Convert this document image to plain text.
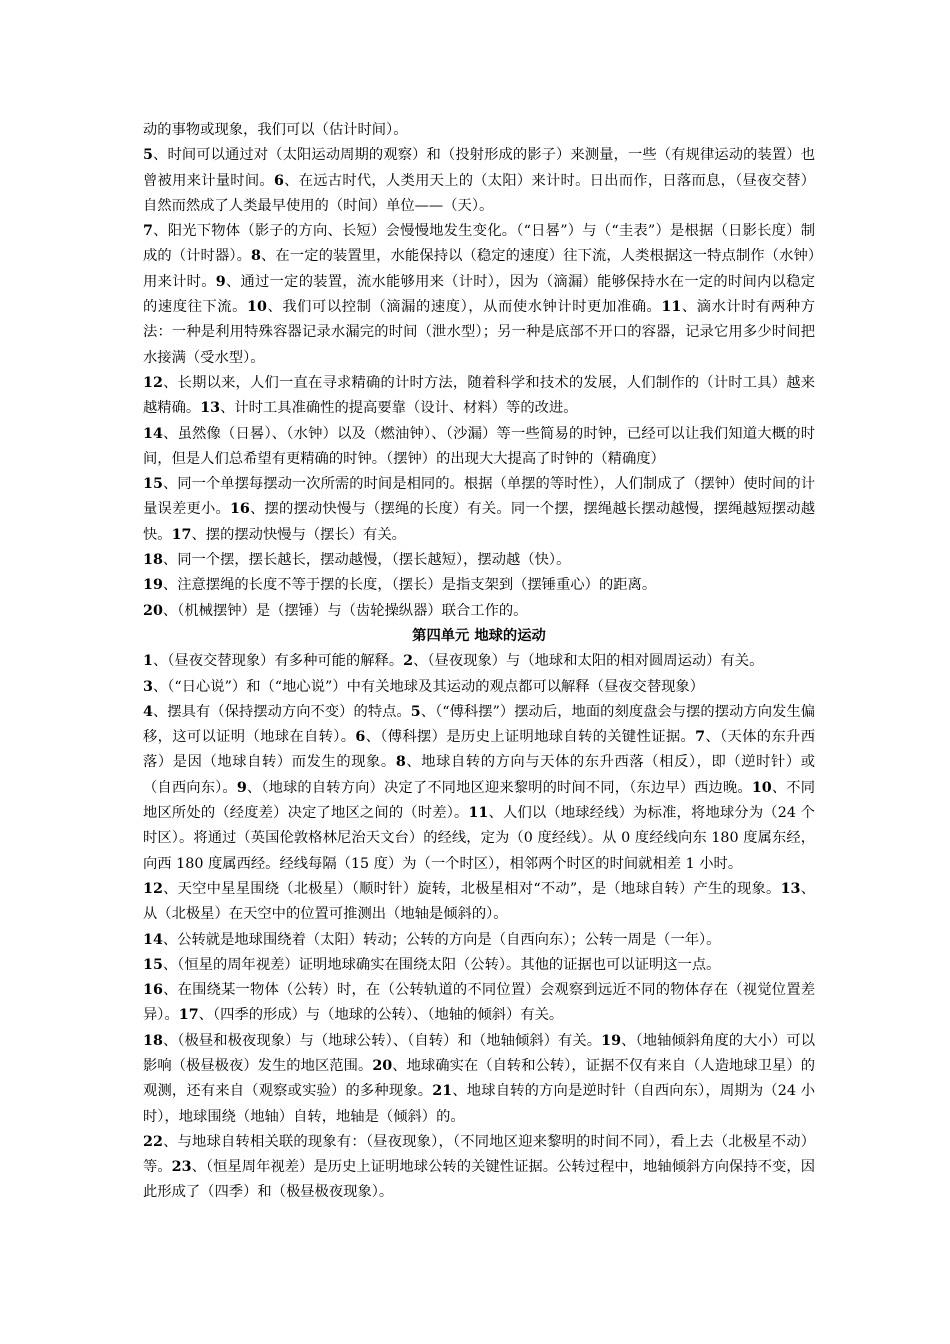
动的事物或现象，我们可以（估计时间）。

5、时间可以通过对（太阳运动周期的观察）和（投射形成的影子）来测量，一些（有规律运动的装置）也曾被用来计量时间。6、在远古时代，人类用天上的（太阳）来计时。日出而作，日落而息，（昼夜交替）自然而然成了人类最早使用的（时间）单位——（天）。

7、阳光下物体（影子的方向、长短）会慢慢地发生变化。（“日晷”）与（“圭表”）是根据（日影长度）制成的（计时器）。8、在一定的装置里，水能保持以（稳定的速度）往下流，人类根据这一特点制作（水钟）用来计时。9、通过一定的装置，流水能够用来（计时），因为（滴漏）能够保持水在一定的时间内以稳定的速度往下流。10、我们可以控制（滴漏的速度），从而使水钟计时更加准确。11、滴水计时有两种方法：一种是利用特殊容器记录水漏完的时间（泄水型）；另一种是底部不开口的容器，记录它用多少时间把水接满（受水型）。

12、长期以来，人们一直在寻求精确的计时方法，随着科学和技术的发展，人们制作的（计时工具）越来越精确。13、计时工具准确性的提高要靠（设计、材料）等的改进。

14、虽然像（日晷）、（水钟）以及（燃油钟）、（沙漏）等一些简易的时钟，已经可以让我们知道大概的时间，但是人们总希望有更精确的时钟。（摆钟）的出现大大提高了时钟的（精确度）

15、同一个单摆每摆动一次所需的时间是相同的。根据（单摆的等时性），人们制成了（摆钟）使时间的计量误差更小。16、摆的摆动快慢与（摆绳的长度）有关。同一个摆，摆绳越长摆动越慢，摆绳越短摆动越快。17、摆的摆动快慢与（摆长）有关。

18、同一个摆，摆长越长，摆动越慢，（摆长越短），摆动越（快）。

19、注意摆绳的长度不等于摆的长度，（摆长）是指支架到（摆锤重心）的距离。

20、（机械摆钟）是（摆锤）与（齿轮操纵器）联合工作的。

第四单元 地球的运动

1、（昼夜交替现象）有多种可能的解释。2、（昼夜现象）与（地球和太阳的相对圆周运动）有关。

3、（“日心说”）和（“地心说”）中有关地球及其运动的观点都可以解释（昼夜交替现象）

4、摆具有（保持摆动方向不变）的特点。5、（“傅科摆”）摆动后，地面的刻度盘会与摆的摆动方向发生偏移，这可以证明（地球在自转）。6、（傅科摆）是历史上证明地球自转的关键性证据。7、（天体的东升西落）是因（地球自转）而发生的现象。8、地球自转的方向与天体的东升西落（相反），即（逆时针）或（自西向东）。9、（地球的自转方向）决定了不同地区迎来黎明的时间不同，（东边早）西边晚。10、不同地区所处的（经度差）决定了地区之间的（时差）。11、人们以（地球经线）为标准，将地球分为（24 个时区）。将通过（英国伦敦格林尼治天文台）的经线，定为（0 度经线）。从 0 度经线向东 180 度属东经，向西 180 度属西经。经线每隔（15 度）为（一个时区），相邻两个时区的时间就相差 1 小时。

12、天空中星星围绕（北极星）（顺时针）旋转，北极星相对“不动”，是（地球自转）产生的现象。13、从（北极星）在天空中的位置可推测出（地轴是倾斜的）。

14、公转就是地球围绕着（太阳）转动；公转的方向是（自西向东）；公转一周是（一年）。

15、（恒星的周年视差）证明地球确实在围绕太阳（公转）。其他的证据也可以证明这一点。

16、在围绕某一物体（公转）时，在（公转轨道的不同位置）会观察到远近不同的物体存在（视觉位置差异）。17、（四季的形成）与（地球的公转）、（地轴的倾斜）有关。

18、（极昼和极夜现象）与（地球公转）、（自转）和（地轴倾斜）有关。19、（地轴倾斜角度的大小）可以影响（极昼极夜）发生的地区范围。20、地球确实在（自转和公转），证据不仅有来自（人造地球卫星）的观测，还有来自（观察或实验）的多种现象。21、地球自转的方向是逆时针（自西向东），周期为（24 小时），地球围绕（地轴）自转，地轴是（倾斜）的。

22、与地球自转相关联的现象有：（昼夜现象），（不同地区迎来黎明的时间不同），看上去（北极星不动）等。23、（恒星周年视差）是历史上证明地球公转的关键性证据。公转过程中，地轴倾斜方向保持不变，因此形成了（四季）和（极昼极夜现象）。
